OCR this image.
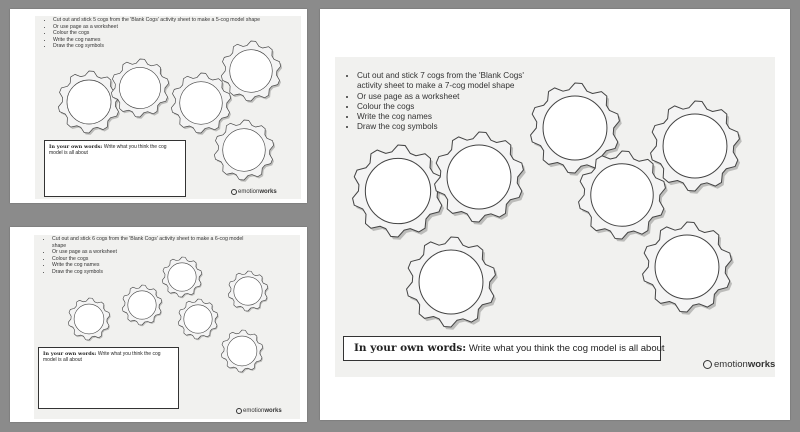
• Cut out and stick 5 cogs from the 'Blank Cogs' activity sheet to make a 5-cog model shape
• Or use page as a worksheet
• Colour the cogs
• Write the cog names
• Draw the cog symbols
In your own words: Write what you think the cog model is all about
emotion works
• Cut out and stick 6 cogs from the 'Blank Cogs' activity sheet to make a 6-cog model shape
• Or use page as a worksheet
• Colour the cogs
• Write the cog names
• Draw the cog symbols
In your own words: Write what you think the cog model is all about
emotion works
• Cut out and stick 7 cogs from the 'Blank Cogs' activity sheet to make a 7-cog model shape
• Or use page as a worksheet
• Colour the cogs
• Write the cog names
• Draw the cog symbols
In your own words: Write what you think the cog model is all about
emotion works
